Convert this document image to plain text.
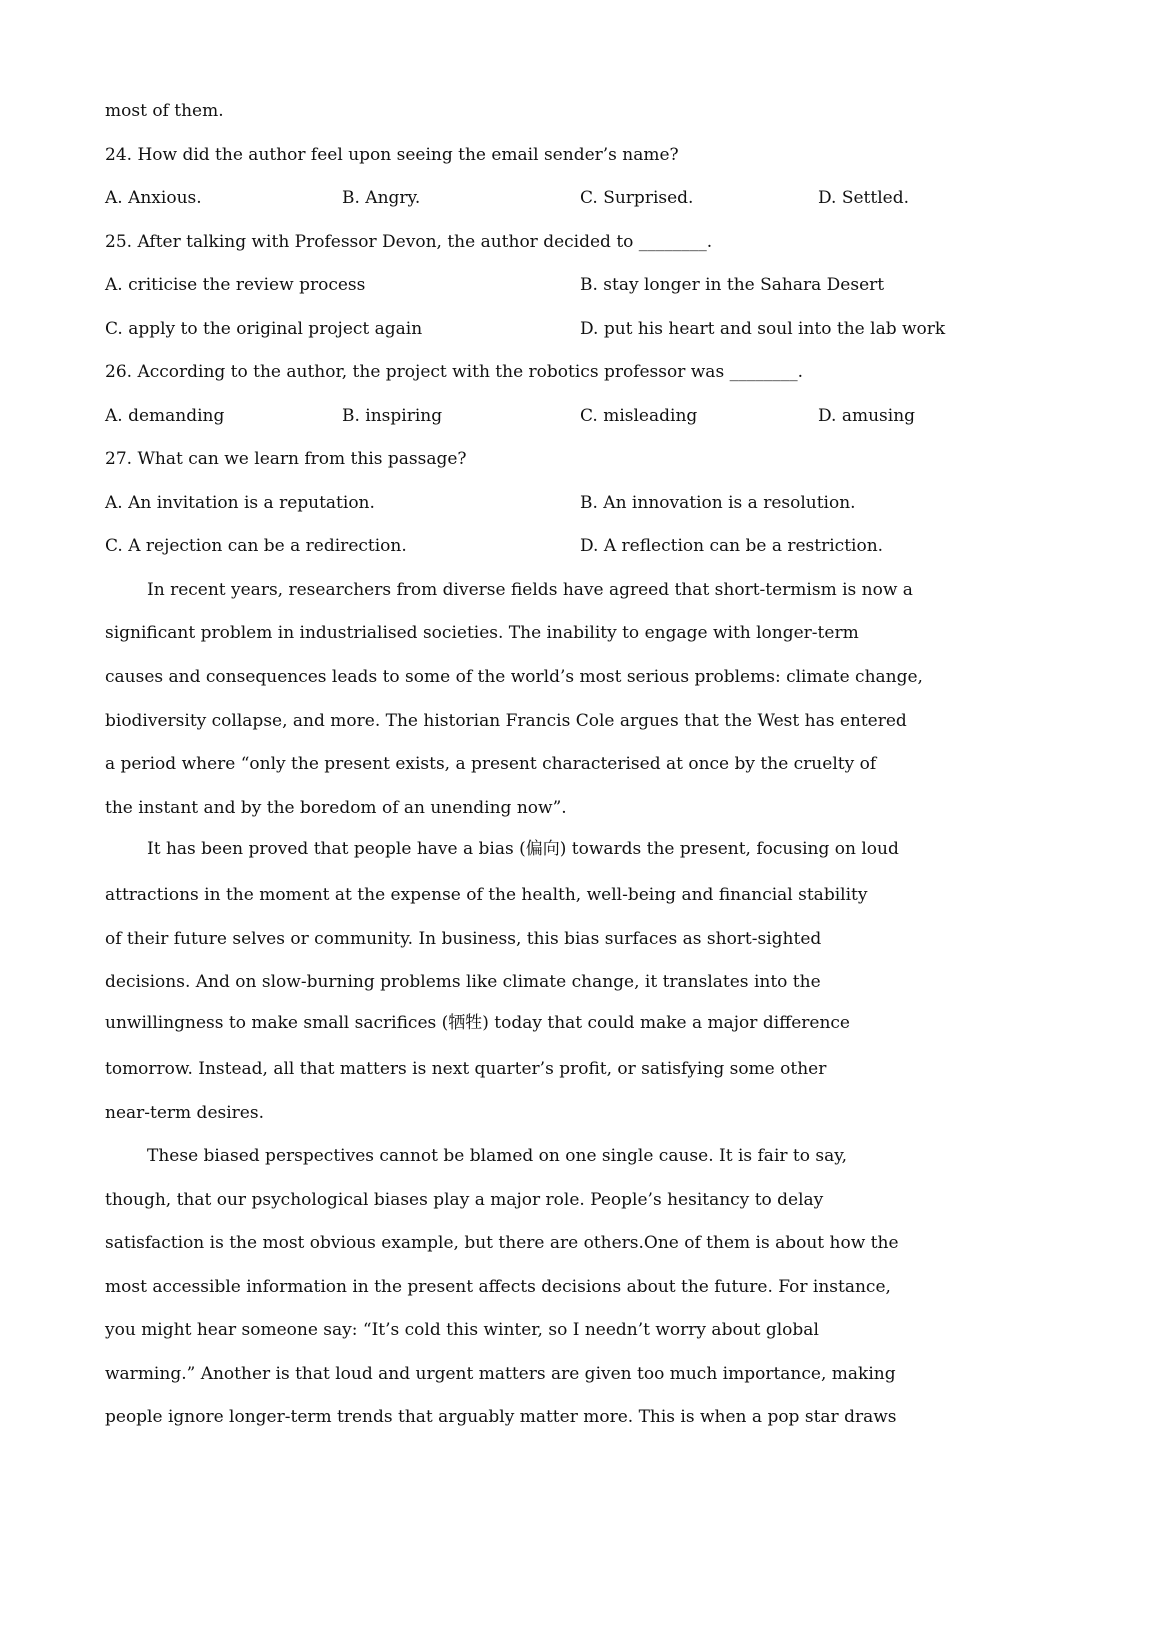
most of them.
24. How did the author feel upon seeing the email sender’s name?
A. Anxious.	B. Angry.	C. Surprised.	D. Settled.
25. After talking with Professor Devon, the author decided to ________.
A. criticise the review process	B. stay longer in the Sahara Desert
C. apply to the original project again	D. put his heart and soul into the lab work
26. According to the author, the project with the robotics professor was ________.
A. demanding	B. inspiring	C. misleading	D. amusing
27. What can we learn from this passage?
A. An invitation is a reputation.	B. An innovation is a resolution.
C. A rejection can be a redirection.	D. A reflection can be a restriction.
In recent years, researchers from diverse fields have agreed that short-termism is now a
significant problem in industrialised societies. The inability to engage with longer-term
causes and consequences leads to some of the world’s most serious problems: climate change,
biodiversity collapse, and more. The historian Francis Cole argues that the West has entered
a period where “only the present exists, a present characterised at once by the cruelty of
the instant and by the boredom of an unending now”.
It has been proved that people have a bias (偏向) towards the present, focusing on loud
attractions in the moment at the expense of the health, well-being and financial stability
of their future selves or community. In business, this bias surfaces as short-sighted
decisions. And on slow-burning problems like climate change, it translates into the
unwillingness to make small sacrifices (牺牲) today that could make a major difference
tomorrow. Instead, all that matters is next quarter’s profit, or satisfying some other
near-term desires.
These biased perspectives cannot be blamed on one single cause. It is fair to say,
though, that our psychological biases play a major role. People’s hesitancy to delay
satisfaction is the most obvious example, but there are others.One of them is about how the
most accessible information in the present affects decisions about the future. For instance,
you might hear someone say: “It’s cold this winter, so I needn’t worry about global
warming.” Another is that loud and urgent matters are given too much importance, making
people ignore longer-term trends that arguably matter more. This is when a pop star draws
